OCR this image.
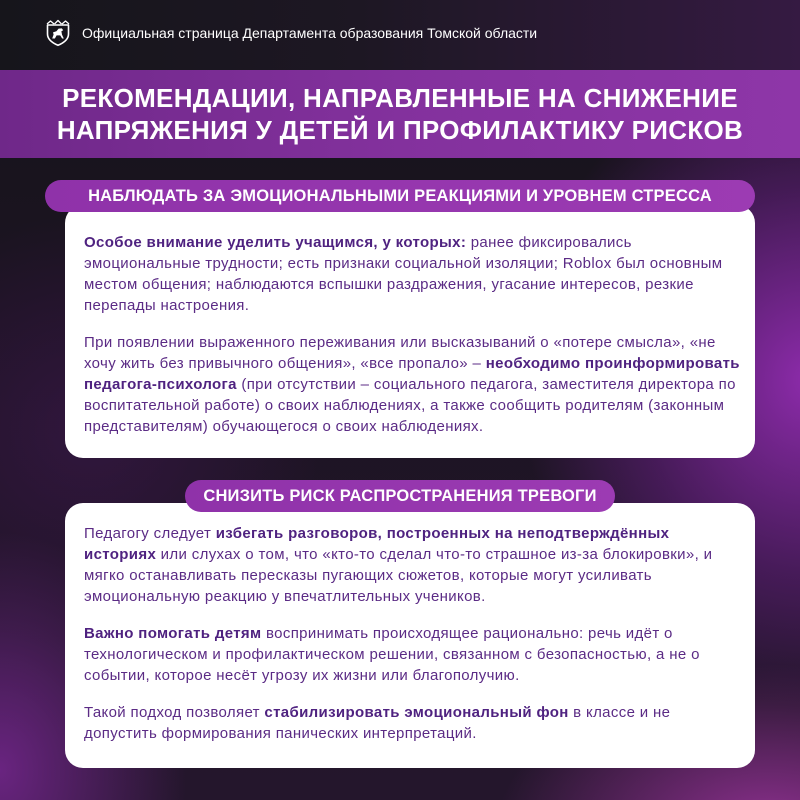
Официальная страница Департамента образования Томской области
РЕКОМЕНДАЦИИ, НАПРАВЛЕННЫЕ НА СНИЖЕНИЕ
НАПРЯЖЕНИЯ У ДЕТЕЙ И ПРОФИЛАКТИКУ РИСКОВ
НАБЛЮДАТЬ ЗА ЭМОЦИОНАЛЬНЫМИ РЕАКЦИЯМИ И УРОВНЕМ СТРЕССА

Особое внимание уделить учащимся, у которых: ранее фиксировались эмоциональные трудности; есть признаки социальной изоляции; Roblox был основным местом общения; наблюдаются вспышки раздражения, угасание интересов, резкие перепады настроения.

При появлении выраженного переживания или высказываний о «потере смысла», «не хочу жить без привычного общения», «все пропало» – необходимо проинформировать педагога-психолога (при отсутствии – социального педагога, заместителя директора по воспитательной работе) о своих наблюдениях, а также сообщить родителям (законным представителям) обучающегося о своих наблюдениях.

СНИЗИТЬ РИСК РАСПРОСТРАНЕНИЯ ТРЕВОГИ

Педагогу следует избегать разговоров, построенных на неподтверждённых историях или слухах о том, что «кто-то сделал что-то страшное из-за блокировки», и мягко останавливать пересказы пугающих сюжетов, которые могут усиливать эмоциональную реакцию у впечатлительных учеников.

Важно помогать детям воспринимать происходящее рационально: речь идёт о технологическом и профилактическом решении, связанном с безопасностью, а не о событии, которое несёт угрозу их жизни или благополучию.

Такой подход позволяет стабилизировать эмоциональный фон в классе и не допустить формирования панических интерпретаций.
